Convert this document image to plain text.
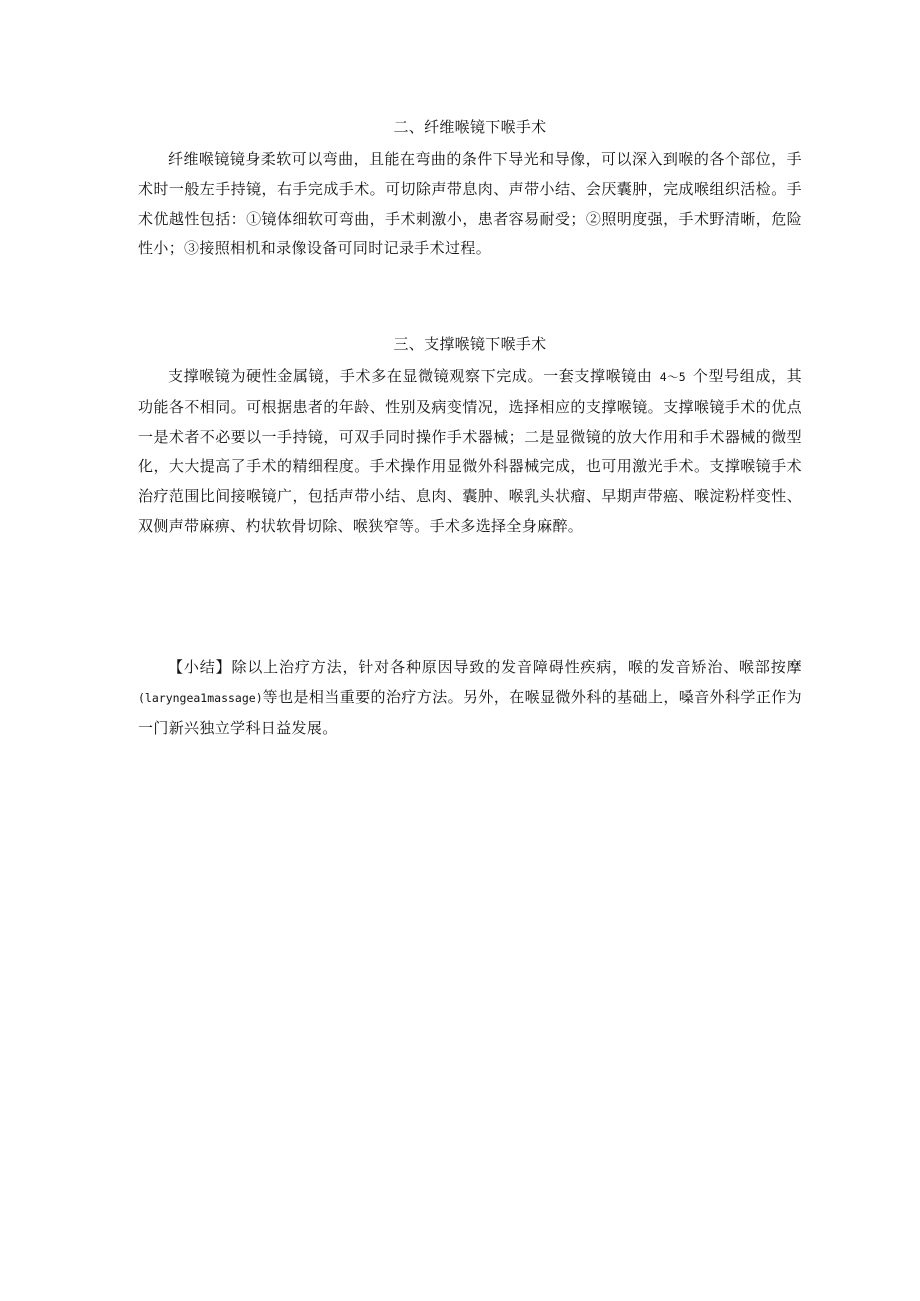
二、纤维喉镜下喉手术

纤维喉镜镜身柔软可以弯曲，且能在弯曲的条件下导光和导像，可以深入到喉的各个部位，手术时一般左手持镜，右手完成手术。可切除声带息肉、声带小结、会厌囊肿，完成喉组织活检。手术优越性包括：①镜体细软可弯曲，手术刺激小，患者容易耐受；②照明度强，手术野清晰，危险性小；③接照相机和录像设备可同时记录手术过程。

三、支撑喉镜下喉手术

支撑喉镜为硬性金属镜，手术多在显微镜观察下完成。一套支撑喉镜由 4～5 个型号组成，其功能各不相同。可根据患者的年龄、性别及病变情况，选择相应的支撑喉镜。支撑喉镜手术的优点一是术者不必要以一手持镜，可双手同时操作手术器械；二是显微镜的放大作用和手术器械的微型化，大大提高了手术的精细程度。手术操作用显微外科器械完成，也可用激光手术。支撑喉镜手术治疗范围比间接喉镜广，包括声带小结、息肉、囊肿、喉乳头状瘤、早期声带癌、喉淀粉样变性、双侧声带麻痹、杓状软骨切除、喉狭窄等。手术多选择全身麻醉。

【小结】除以上治疗方法，针对各种原因导致的发音障碍性疾病，喉的发音矫治、喉部按摩(laryngea1massage)等也是相当重要的治疗方法。另外，在喉显微外科的基础上，嗓音外科学正作为一门新兴独立学科日益发展。
